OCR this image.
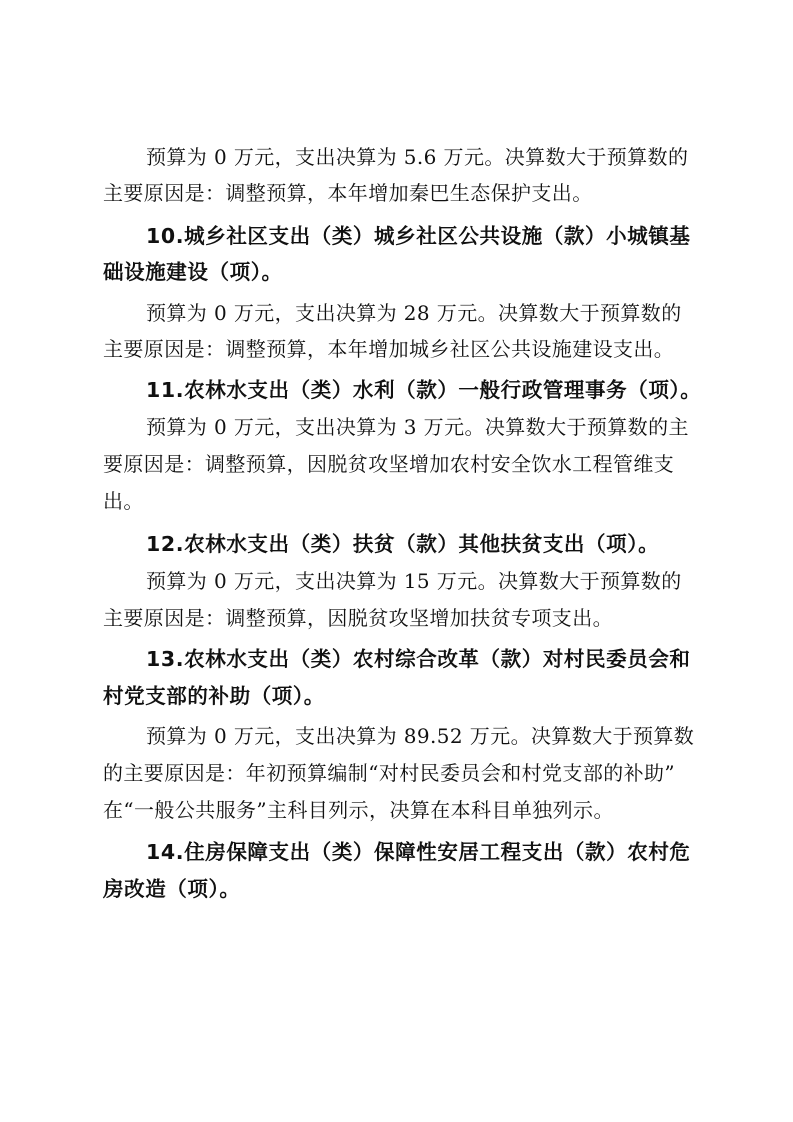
预算为 0 万元，支出决算为 5.6 万元。决算数大于预算数的
主要原因是：调整预算，本年增加秦巴生态保护支出。
10.城乡社区支出（类）城乡社区公共设施（款）小城镇基
础设施建设（项）。
预算为 0 万元，支出决算为 28 万元。决算数大于预算数的
主要原因是：调整预算，本年增加城乡社区公共设施建设支出。
11.农林水支出（类）水利（款）一般行政管理事务（项）。
预算为 0 万元，支出决算为 3 万元。决算数大于预算数的主
要原因是：调整预算，因脱贫攻坚增加农村安全饮水工程管维支
出。
12.农林水支出（类）扶贫（款）其他扶贫支出（项）。
预算为 0 万元，支出决算为 15 万元。决算数大于预算数的
主要原因是：调整预算，因脱贫攻坚增加扶贫专项支出。
13.农林水支出（类）农村综合改革（款）对村民委员会和
村党支部的补助（项）。
预算为 0 万元，支出决算为 89.52 万元。决算数大于预算数
的主要原因是：年初预算编制“对村民委员会和村党支部的补助”
在“一般公共服务”主科目列示，决算在本科目单独列示。
14.住房保障支出（类）保障性安居工程支出（款）农村危
房改造（项）。
